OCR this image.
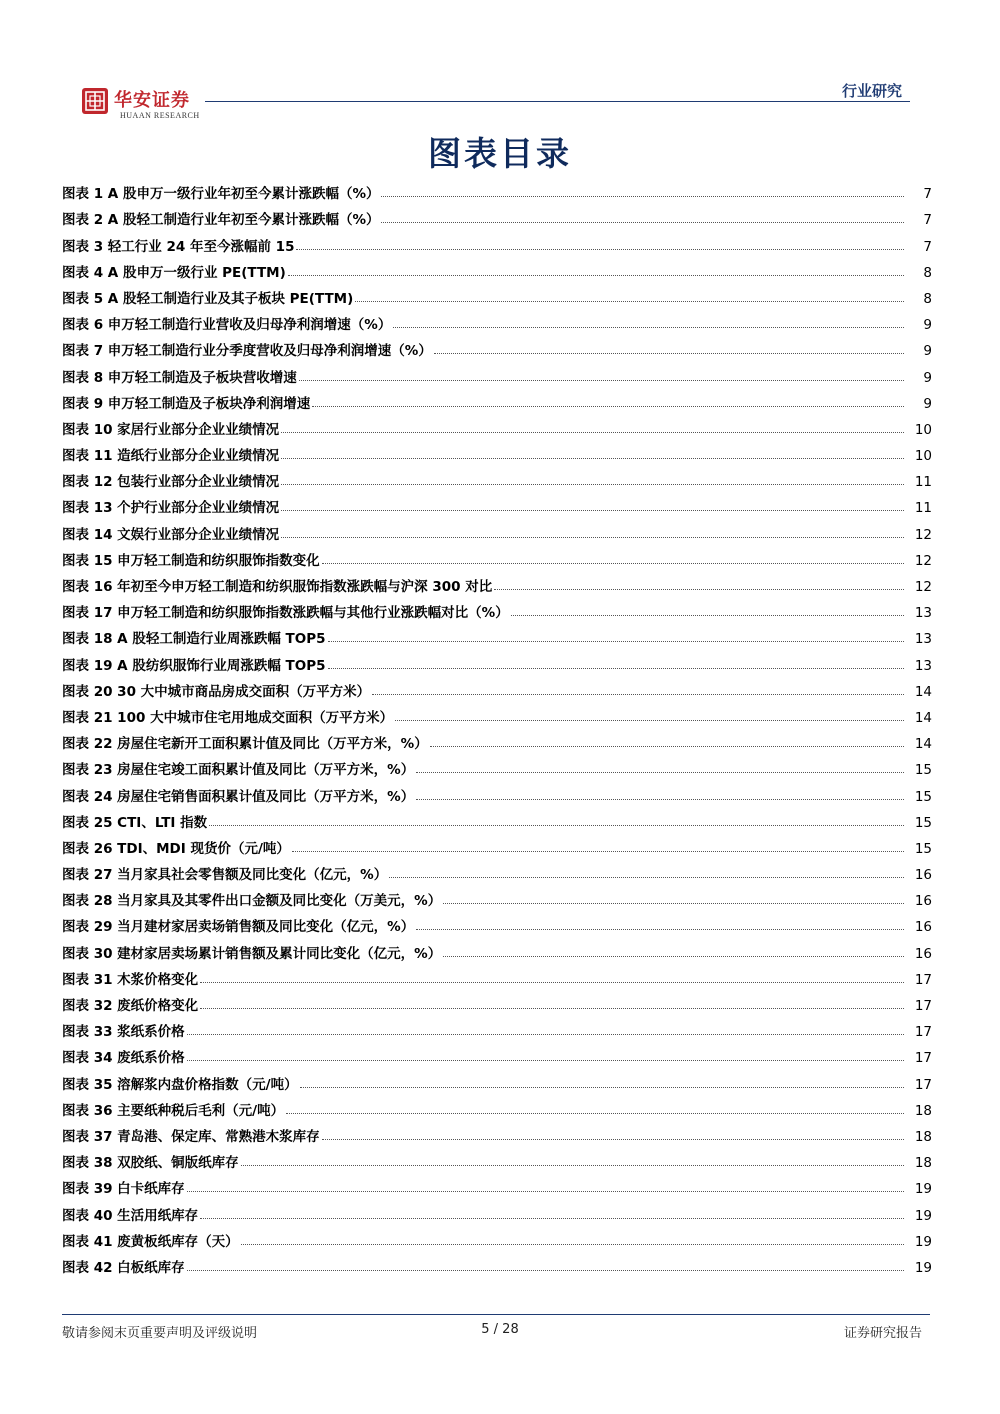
华安证券
HUAAN RESEARCH
行业研究
图表目录
图表 1 A 股申万一级行业年初至今累计涨跌幅（%）	7
图表 2 A 股轻工制造行业年初至今累计涨跌幅（%）	7
图表 3 轻工行业 24 年至今涨幅前 15	7
图表 4 A 股申万一级行业 PE(TTM)	8
图表 5 A 股轻工制造行业及其子板块 PE(TTM)	8
图表 6 申万轻工制造行业营收及归母净利润增速（%）	9
图表 7 申万轻工制造行业分季度营收及归母净利润增速（%）	9
图表 8 申万轻工制造及子板块营收增速	9
图表 9 申万轻工制造及子板块净利润增速	9
图表 10 家居行业部分企业业绩情况	10
图表 11 造纸行业部分企业业绩情况	10
图表 12 包装行业部分企业业绩情况	11
图表 13 个护行业部分企业业绩情况	11
图表 14 文娱行业部分企业业绩情况	12
图表 15 申万轻工制造和纺织服饰指数变化	12
图表 16 年初至今申万轻工制造和纺织服饰指数涨跌幅与沪深 300 对比	12
图表 17 申万轻工制造和纺织服饰指数涨跌幅与其他行业涨跌幅对比（%）	13
图表 18 A 股轻工制造行业周涨跌幅 TOP5	13
图表 19 A 股纺织服饰行业周涨跌幅 TOP5	13
图表 20 30 大中城市商品房成交面积（万平方米）	14
图表 21 100 大中城市住宅用地成交面积（万平方米）	14
图表 22 房屋住宅新开工面积累计值及同比（万平方米，%）	14
图表 23 房屋住宅竣工面积累计值及同比（万平方米，%）	15
图表 24 房屋住宅销售面积累计值及同比（万平方米，%）	15
图表 25 CTI、LTI 指数	15
图表 26 TDI、MDI 现货价（元/吨）	15
图表 27 当月家具社会零售额及同比变化（亿元，%）	16
图表 28 当月家具及其零件出口金额及同比变化（万美元，%）	16
图表 29 当月建材家居卖场销售额及同比变化（亿元，%）	16
图表 30 建材家居卖场累计销售额及累计同比变化（亿元，%）	16
图表 31 木浆价格变化	17
图表 32 废纸价格变化	17
图表 33 浆纸系价格	17
图表 34 废纸系价格	17
图表 35 溶解浆内盘价格指数（元/吨）	17
图表 36 主要纸种税后毛利（元/吨）	18
图表 37 青岛港、保定库、常熟港木浆库存	18
图表 38 双胶纸、铜版纸库存	18
图表 39 白卡纸库存	19
图表 40 生活用纸库存	19
图表 41 废黄板纸库存（天）	19
图表 42 白板纸库存	19
敬请参阅末页重要声明及评级说明	5 / 28	证券研究报告
